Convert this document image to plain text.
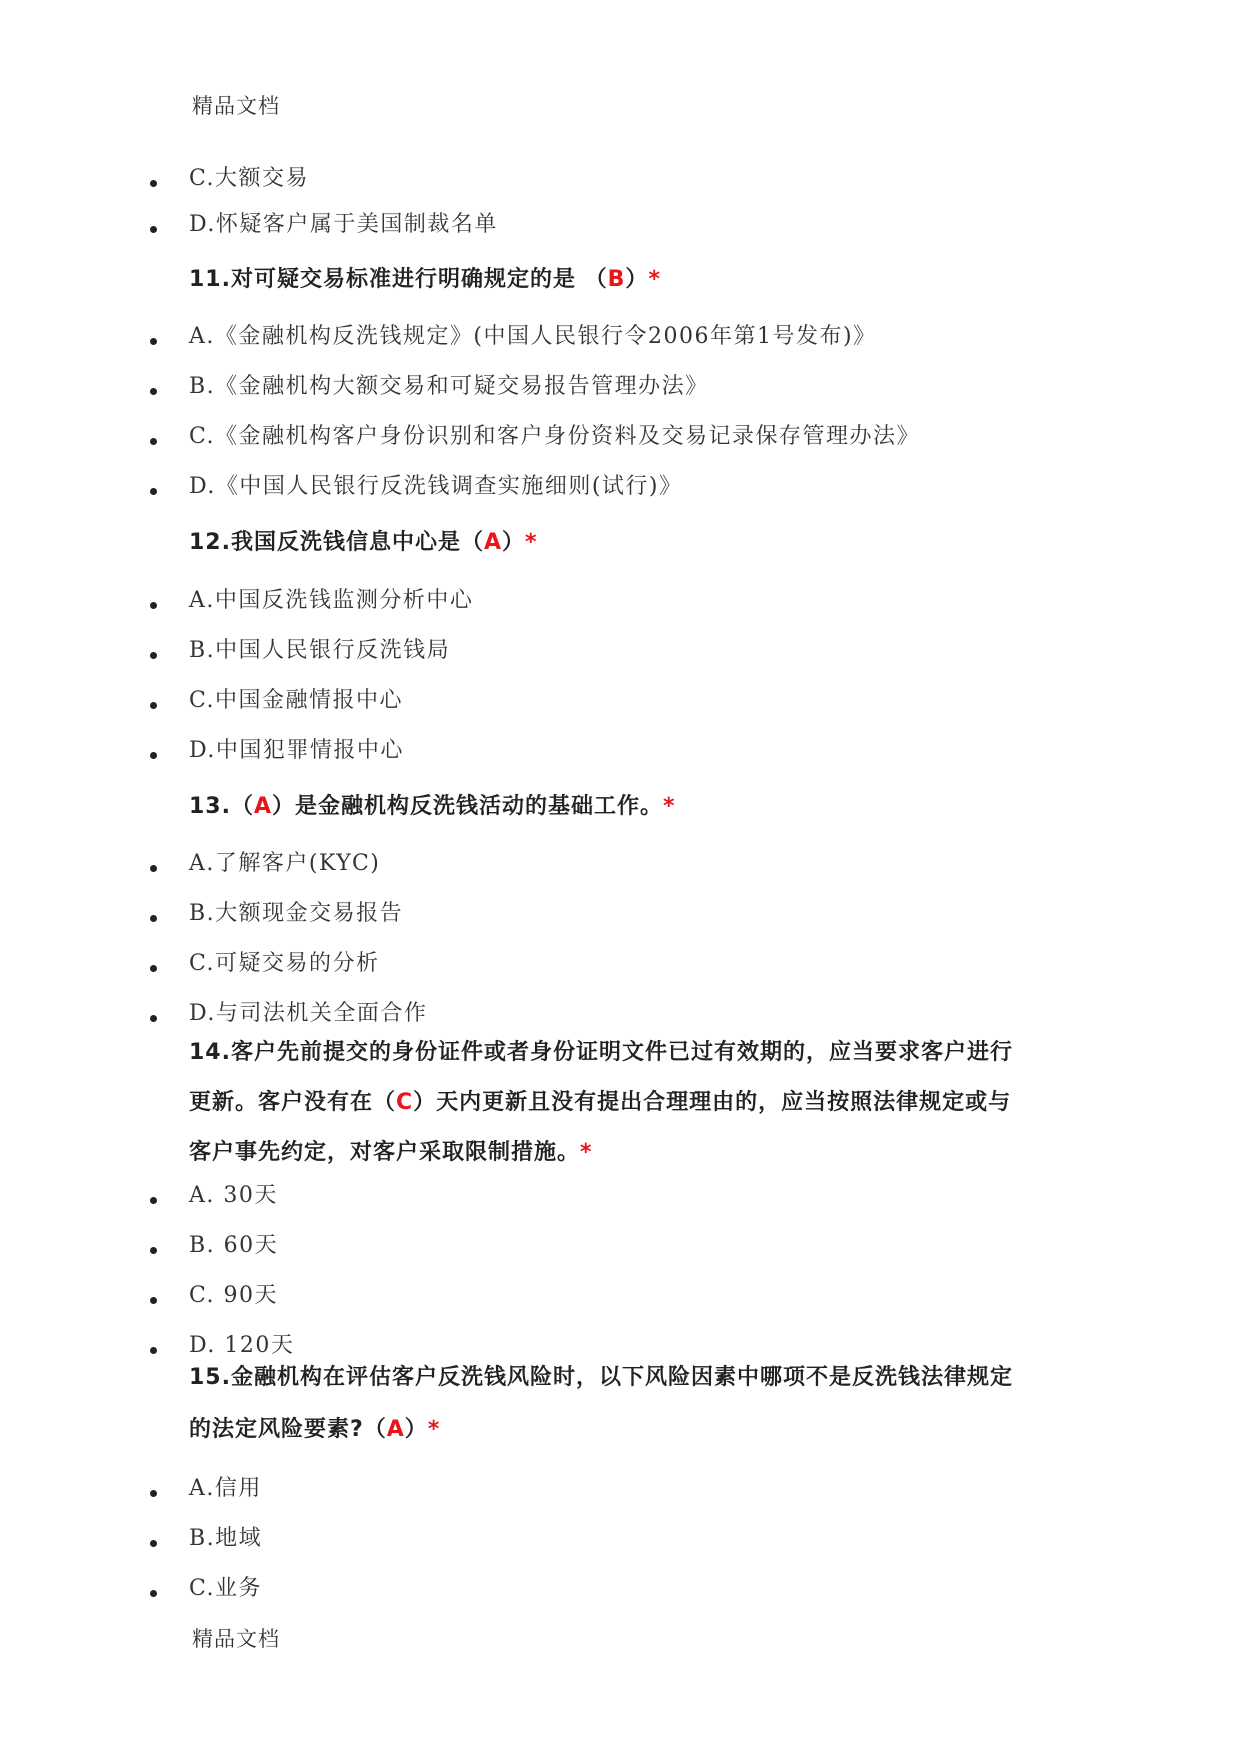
精品文档
C.大额交易
D.怀疑客户属于美国制裁名单
11.对可疑交易标准进行明确规定的是 （B）*
A.《金融机构反洗钱规定》(中国人民银行令2006年第1号发布)》
B.《金融机构大额交易和可疑交易报告管理办法》
C.《金融机构客户身份识别和客户身份资料及交易记录保存管理办法》
D.《中国人民银行反洗钱调查实施细则(试行)》
12.我国反洗钱信息中心是（A）*
A.中国反洗钱监测分析中心
B.中国人民银行反洗钱局
C.中国金融情报中心
D.中国犯罪情报中心
13.（A）是金融机构反洗钱活动的基础工作。*
A.了解客户(KYC)
B.大额现金交易报告
C.可疑交易的分析
D.与司法机关全面合作
14.客户先前提交的身份证件或者身份证明文件已过有效期的，应当要求客户进行
更新。客户没有在（C）天内更新且没有提出合理理由的，应当按照法律规定或与
客户事先约定，对客户采取限制措施。*
A. 30天
B. 60天
C. 90天
D. 120天
15.金融机构在评估客户反洗钱风险时，以下风险因素中哪项不是反洗钱法律规定
的法定风险要素?（A）*
A.信用
B.地域
C.业务
精品文档
